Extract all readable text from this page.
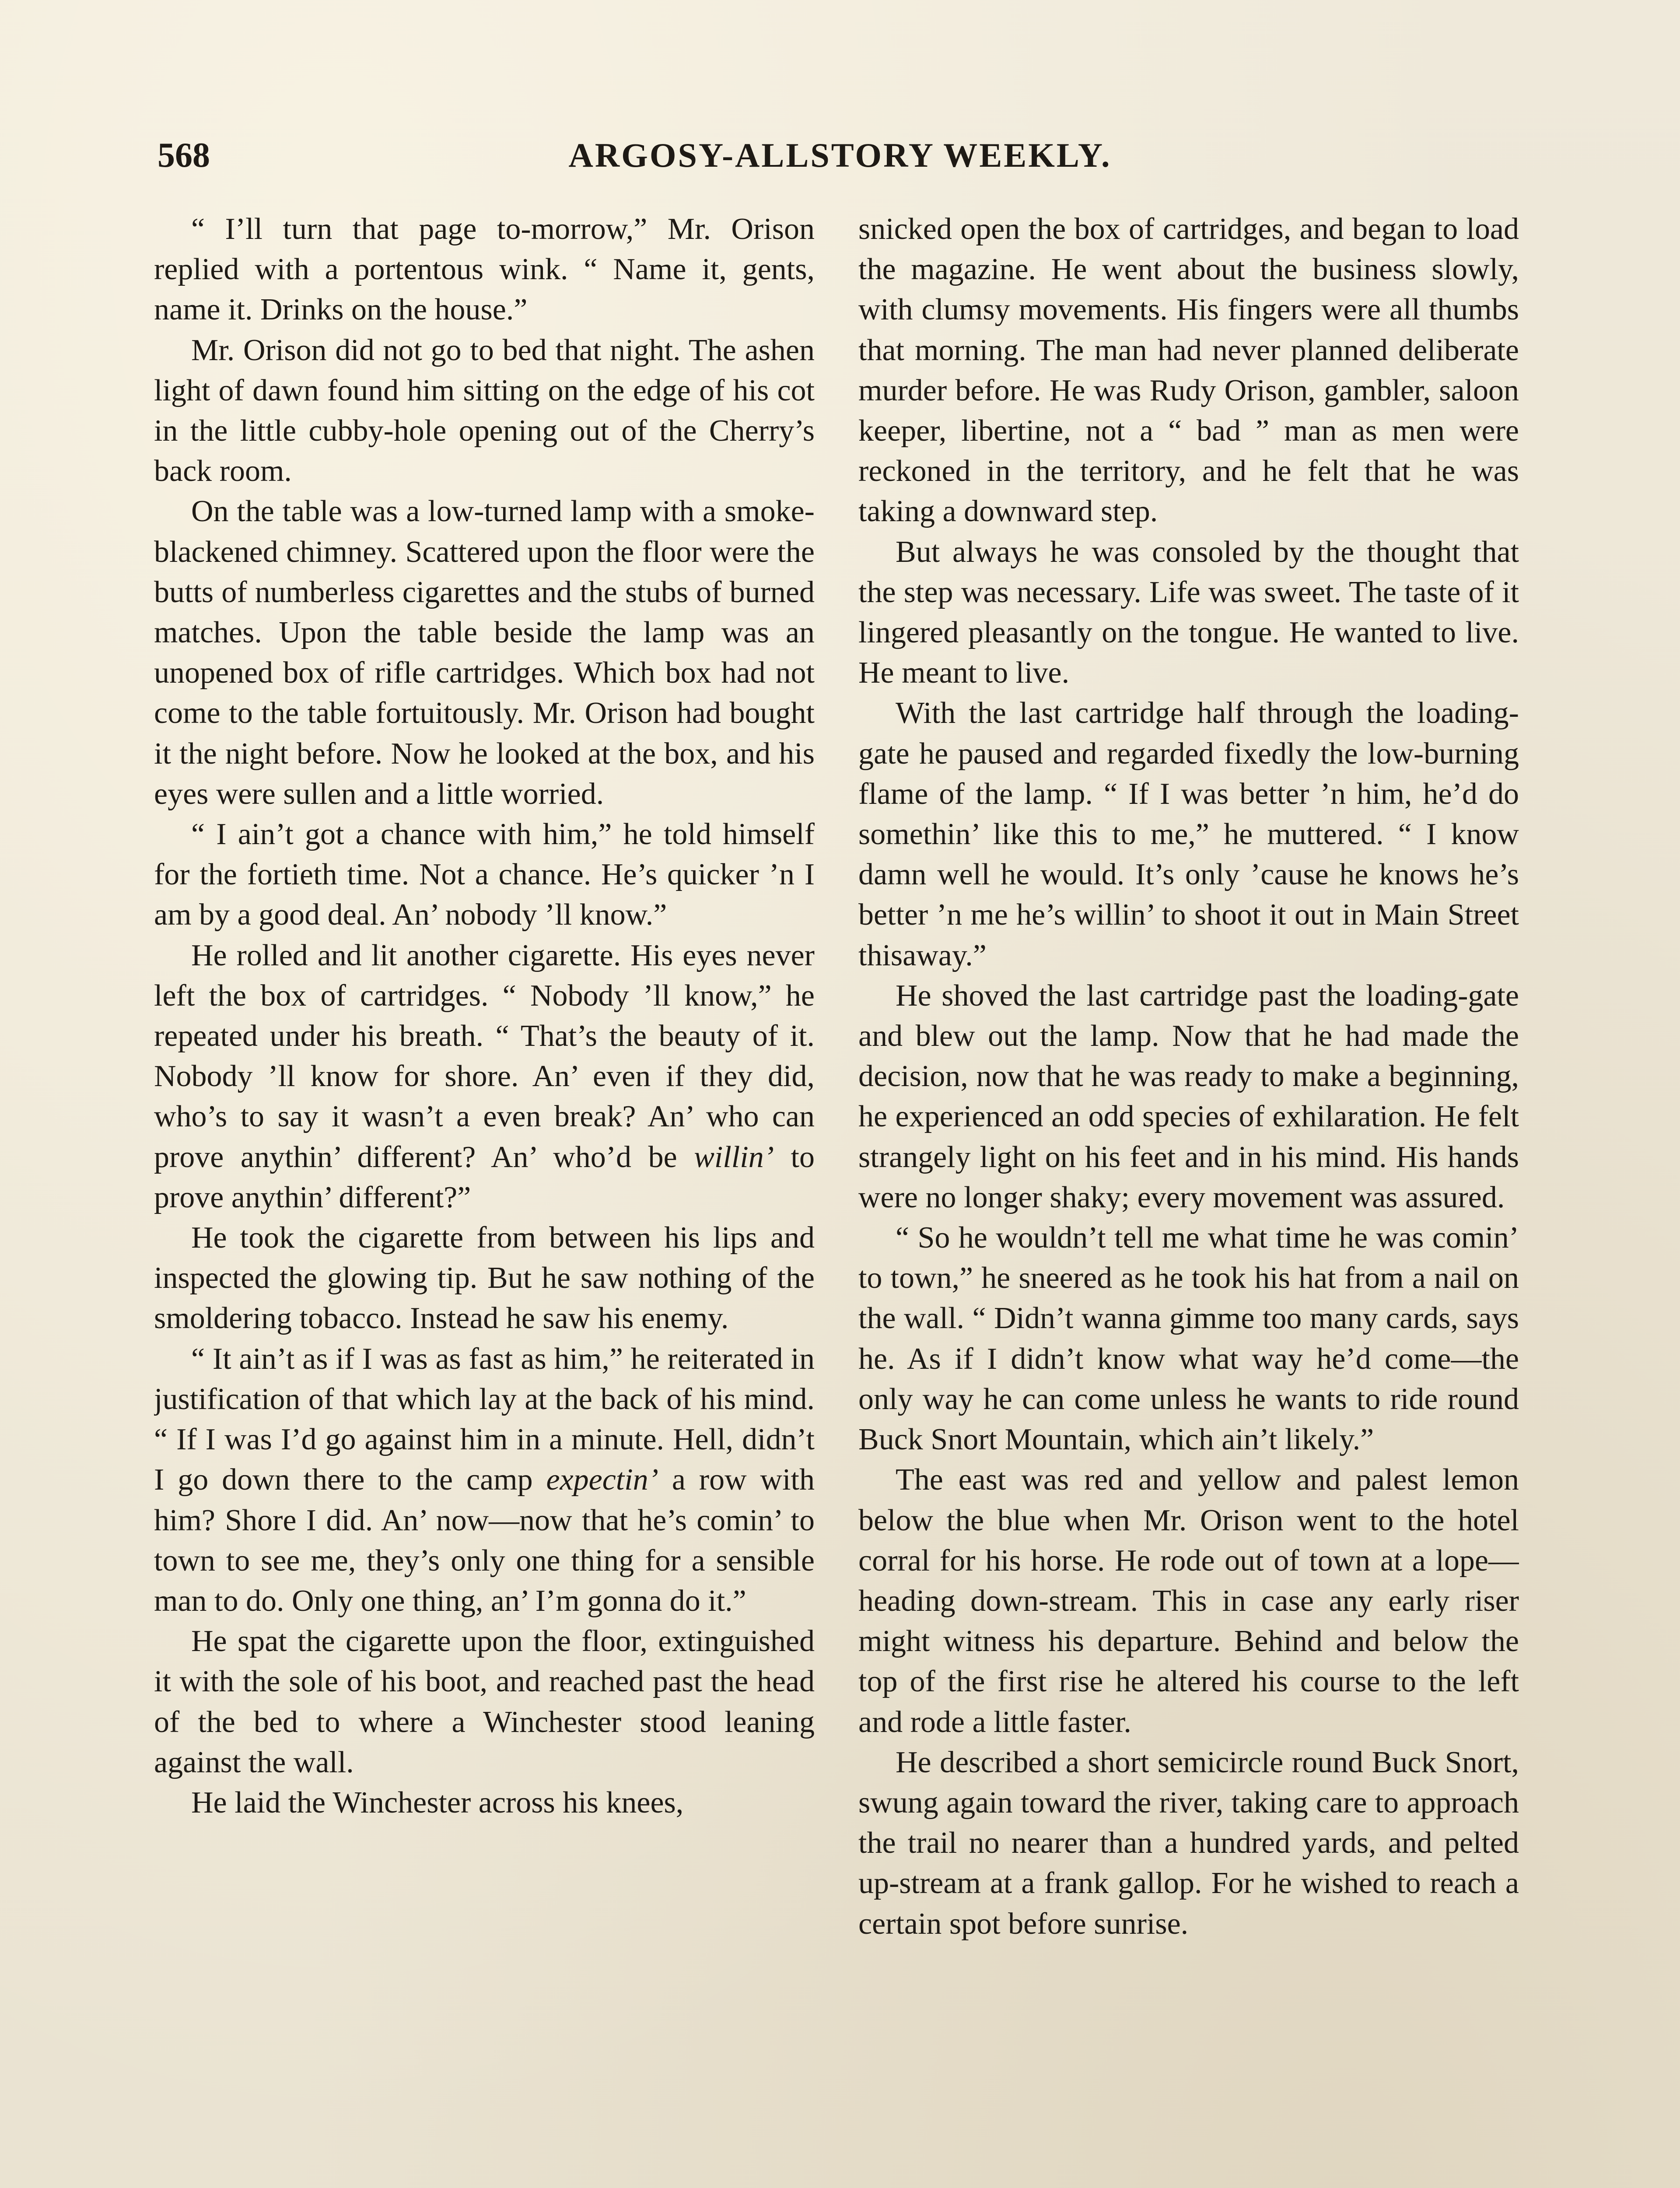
568	ARGOSY-ALLSTORY WEEKLY.

“ I’ll turn that page to-morrow,” Mr. Orison replied with a portentous wink. “ Name it, gents, name it. Drinks on the house.”

Mr. Orison did not go to bed that night. The ashen light of dawn found him sitting on the edge of his cot in the little cubby-hole opening out of the Cherry’s back room.

On the table was a low-turned lamp with a smoke-blackened chimney. Scattered upon the floor were the butts of numberless cigarettes and the stubs of burned matches. Upon the table beside the lamp was an unopened box of rifle cartridges. Which box had not come to the table fortuitously. Mr. Orison had bought it the night before. Now he looked at the box, and his eyes were sullen and a little worried.

“ I ain’t got a chance with him,” he told himself for the fortieth time. Not a chance. He’s quicker ’n I am by a good deal. An’ nobody ’ll know.”

He rolled and lit another cigarette. His eyes never left the box of cartridges. “ Nobody ’ll know,” he repeated under his breath. “ That’s the beauty of it. Nobody ’ll know for shore. An’ even if they did, who’s to say it wasn’t a even break? An’ who can prove anythin’ different? An’ who’d be willin’ to prove anythin’ different?”

He took the cigarette from between his lips and inspected the glowing tip. But he saw nothing of the smoldering tobacco. Instead he saw his enemy.

“ It ain’t as if I was as fast as him,” he reiterated in justification of that which lay at the back of his mind. “ If I was I’d go against him in a minute. Hell, didn’t I go down there to the camp expectin’ a row with him? Shore I did. An’ now—now that he’s comin’ to town to see me, they’s only one thing for a sensible man to do. Only one thing, an’ I’m gonna do it.”

He spat the cigarette upon the floor, extinguished it with the sole of his boot, and reached past the head of the bed to where a Winchester stood leaning against the wall.

He laid the Winchester across his knees,

snicked open the box of cartridges, and began to load the magazine. He went about the business slowly, with clumsy movements. His fingers were all thumbs that morning. The man had never planned deliberate murder before. He was Rudy Orison, gambler, saloon keeper, libertine, not a “ bad ” man as men were reckoned in the territory, and he felt that he was taking a downward step.

But always he was consoled by the thought that the step was necessary. Life was sweet. The taste of it lingered pleasantly on the tongue. He wanted to live. He meant to live.

With the last cartridge half through the loading-gate he paused and regarded fixedly the low-burning flame of the lamp. “ If I was better ’n him, he’d do somethin’ like this to me,” he muttered. “ I know damn well he would. It’s only ’cause he knows he’s better ’n me he’s willin’ to shoot it out in Main Street thisaway.”

He shoved the last cartridge past the loading-gate and blew out the lamp. Now that he had made the decision, now that he was ready to make a beginning, he experienced an odd species of exhilaration. He felt strangely light on his feet and in his mind. His hands were no longer shaky; every movement was assured.

“ So he wouldn’t tell me what time he was comin’ to town,” he sneered as he took his hat from a nail on the wall. “ Didn’t wanna gimme too many cards, says he. As if I didn’t know what way he’d come—the only way he can come unless he wants to ride round Buck Snort Mountain, which ain’t likely.”

The east was red and yellow and palest lemon below the blue when Mr. Orison went to the hotel corral for his horse. He rode out of town at a lope—heading down-stream. This in case any early riser might witness his departure. Behind and below the top of the first rise he altered his course to the left and rode a little faster.

He described a short semicircle round Buck Snort, swung again toward the river, taking care to approach the trail no nearer than a hundred yards, and pelted up-stream at a frank gallop. For he wished to reach a certain spot before sunrise.
